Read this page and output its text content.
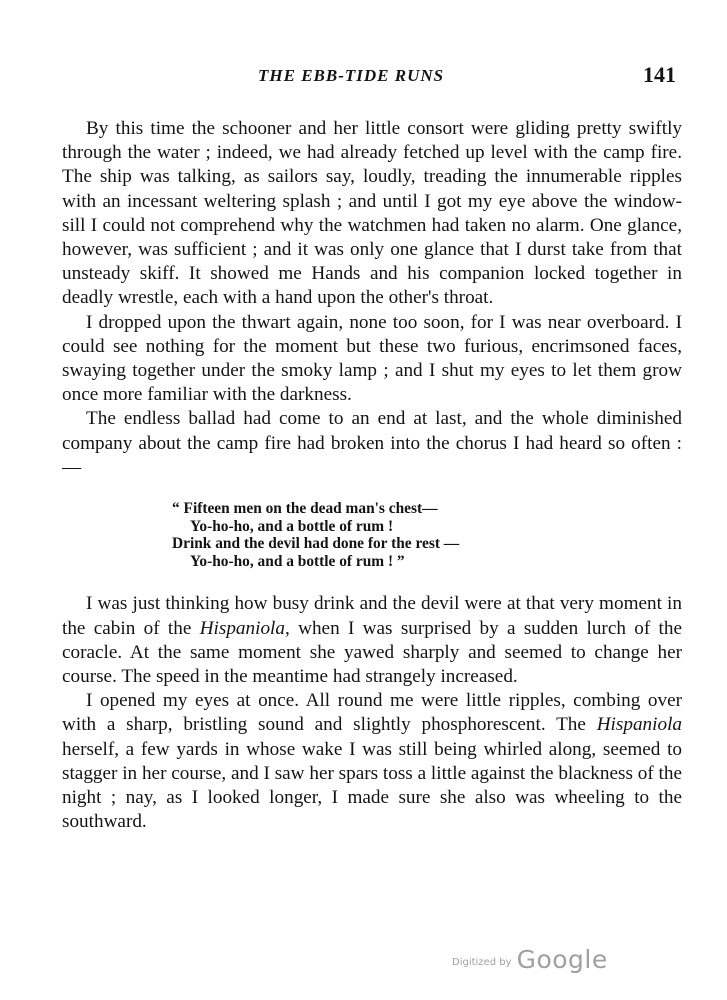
THE EBB-TIDE RUNS	141

By this time the schooner and her little consort were gliding pretty swiftly through the water ; indeed, we had already fetched up level with the camp fire. The ship was talking, as sailors say, loudly, treading the innumerable ripples with an incessant weltering splash ; and until I got my eye above the window-sill I could not comprehend why the watchmen had taken no alarm. One glance, however, was sufficient ; and it was only one glance that I durst take from that unsteady skiff. It showed me Hands and his companion locked together in deadly wrestle, each with a hand upon the other's throat.

I dropped upon the thwart again, none too soon, for I was near overboard. I could see nothing for the moment but these two furious, encrimsoned faces, swaying together under the smoky lamp ; and I shut my eyes to let them grow once more familiar with the darkness.

The endless ballad had come to an end at last, and the whole diminished company about the camp fire had broken into the chorus I had heard so often : —

“ Fifteen men on the dead man's chest—
Yo-ho-ho, and a bottle of rum !
Drink and the devil had done for the rest —
Yo-ho-ho, and a bottle of rum ! ”

I was just thinking how busy drink and the devil were at that very moment in the cabin of the Hispaniola, when I was surprised by a sudden lurch of the coracle. At the same moment she yawed sharply and seemed to change her course. The speed in the meantime had strangely increased.

I opened my eyes at once. All round me were little ripples, combing over with a sharp, bristling sound and slightly phosphorescent. The Hispaniola herself, a few yards in whose wake I was still being whirled along, seemed to stagger in her course, and I saw her spars toss a little against the blackness of the night ; nay, as I looked longer, I made sure she also was wheeling to the southward.

Digitized by Google
